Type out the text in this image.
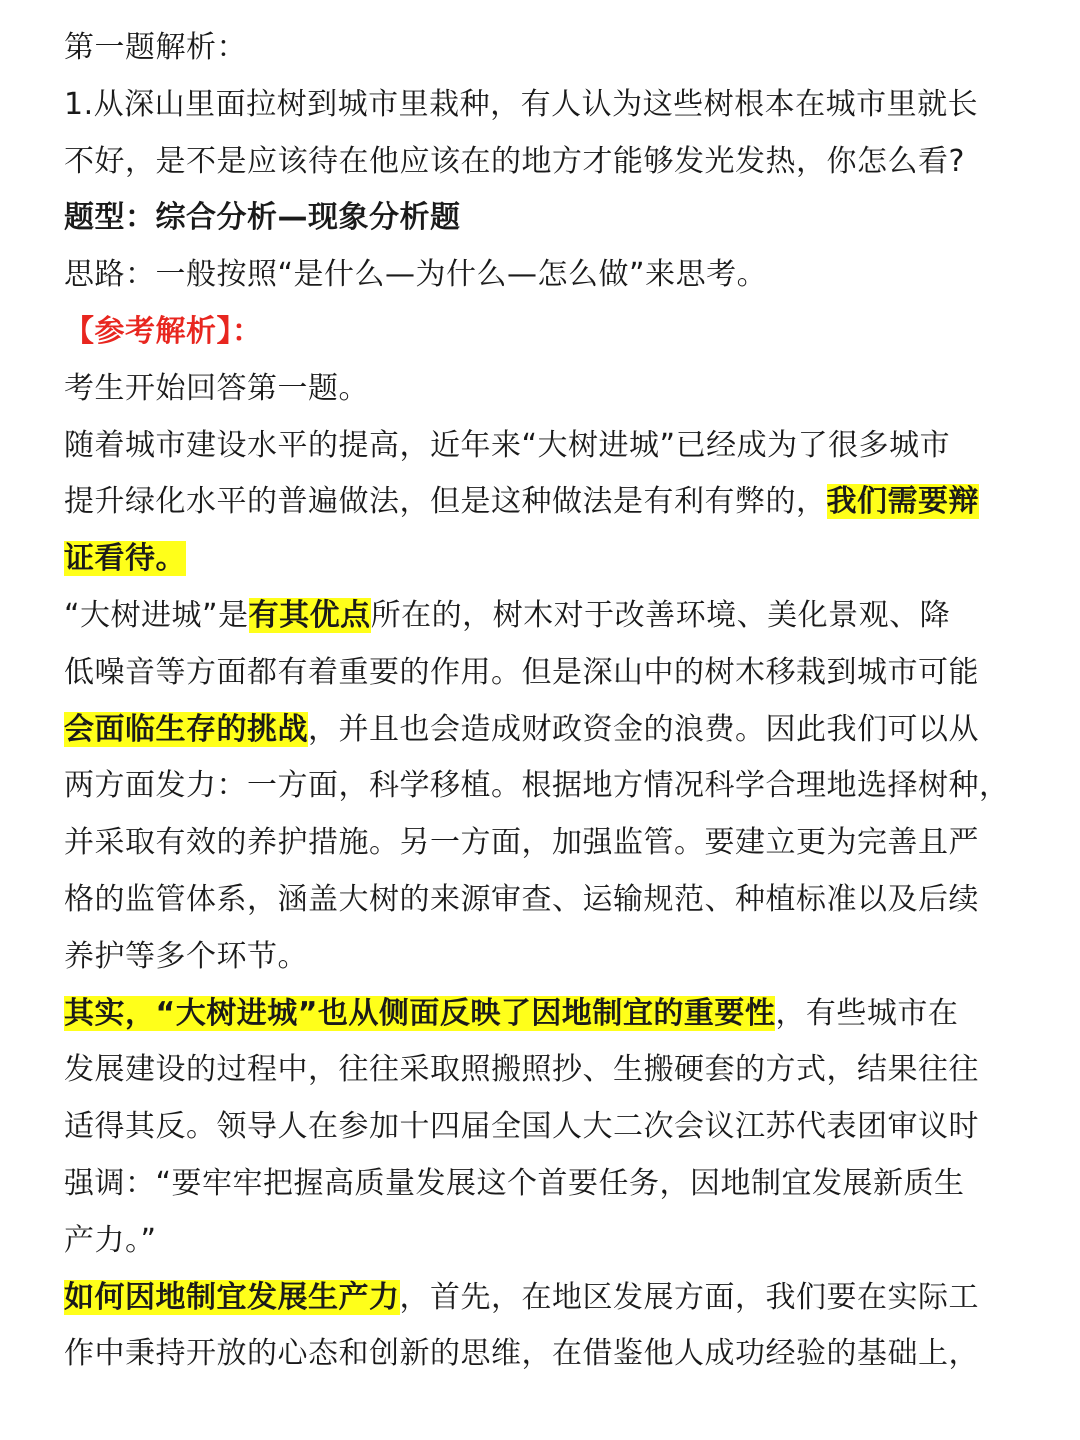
第一题解析：
1.从深山里面拉树到城市里栽种，有人认为这些树根本在城市里就长
不好，是不是应该待在他应该在的地方才能够发光发热，你怎么看?
题型：综合分析—现象分析题
思路：一般按照“是什么—为什么—怎么做”来思考。
【参考解析】：
考生开始回答第一题。
随着城市建设水平的提高，近年来“大树进城”已经成为了很多城市
提升绿化水平的普遍做法，但是这种做法是有利有弊的，我们需要辩
证看待。
“大树进城”是有其优点所在的，树木对于改善环境、美化景观、降
低噪音等方面都有着重要的作用。但是深山中的树木移栽到城市可能
会面临生存的挑战，并且也会造成财政资金的浪费。因此我们可以从
两方面发力：一方面，科学移植。根据地方情况科学合理地选择树种，
并采取有效的养护措施。另一方面，加强监管。要建立更为完善且严
格的监管体系，涵盖大树的来源审查、运输规范、种植标准以及后续
养护等多个环节。
其实，“大树进城”也从侧面反映了因地制宜的重要性，有些城市在
发展建设的过程中，往往采取照搬照抄、生搬硬套的方式，结果往往
适得其反。领导人在参加十四届全国人大二次会议江苏代表团审议时
强调：“要牢牢把握高质量发展这个首要任务，因地制宜发展新质生
产力。”
如何因地制宜发展生产力，首先，在地区发展方面，我们要在实际工
作中秉持开放的心态和创新的思维，在借鉴他人成功经验的基础上，
